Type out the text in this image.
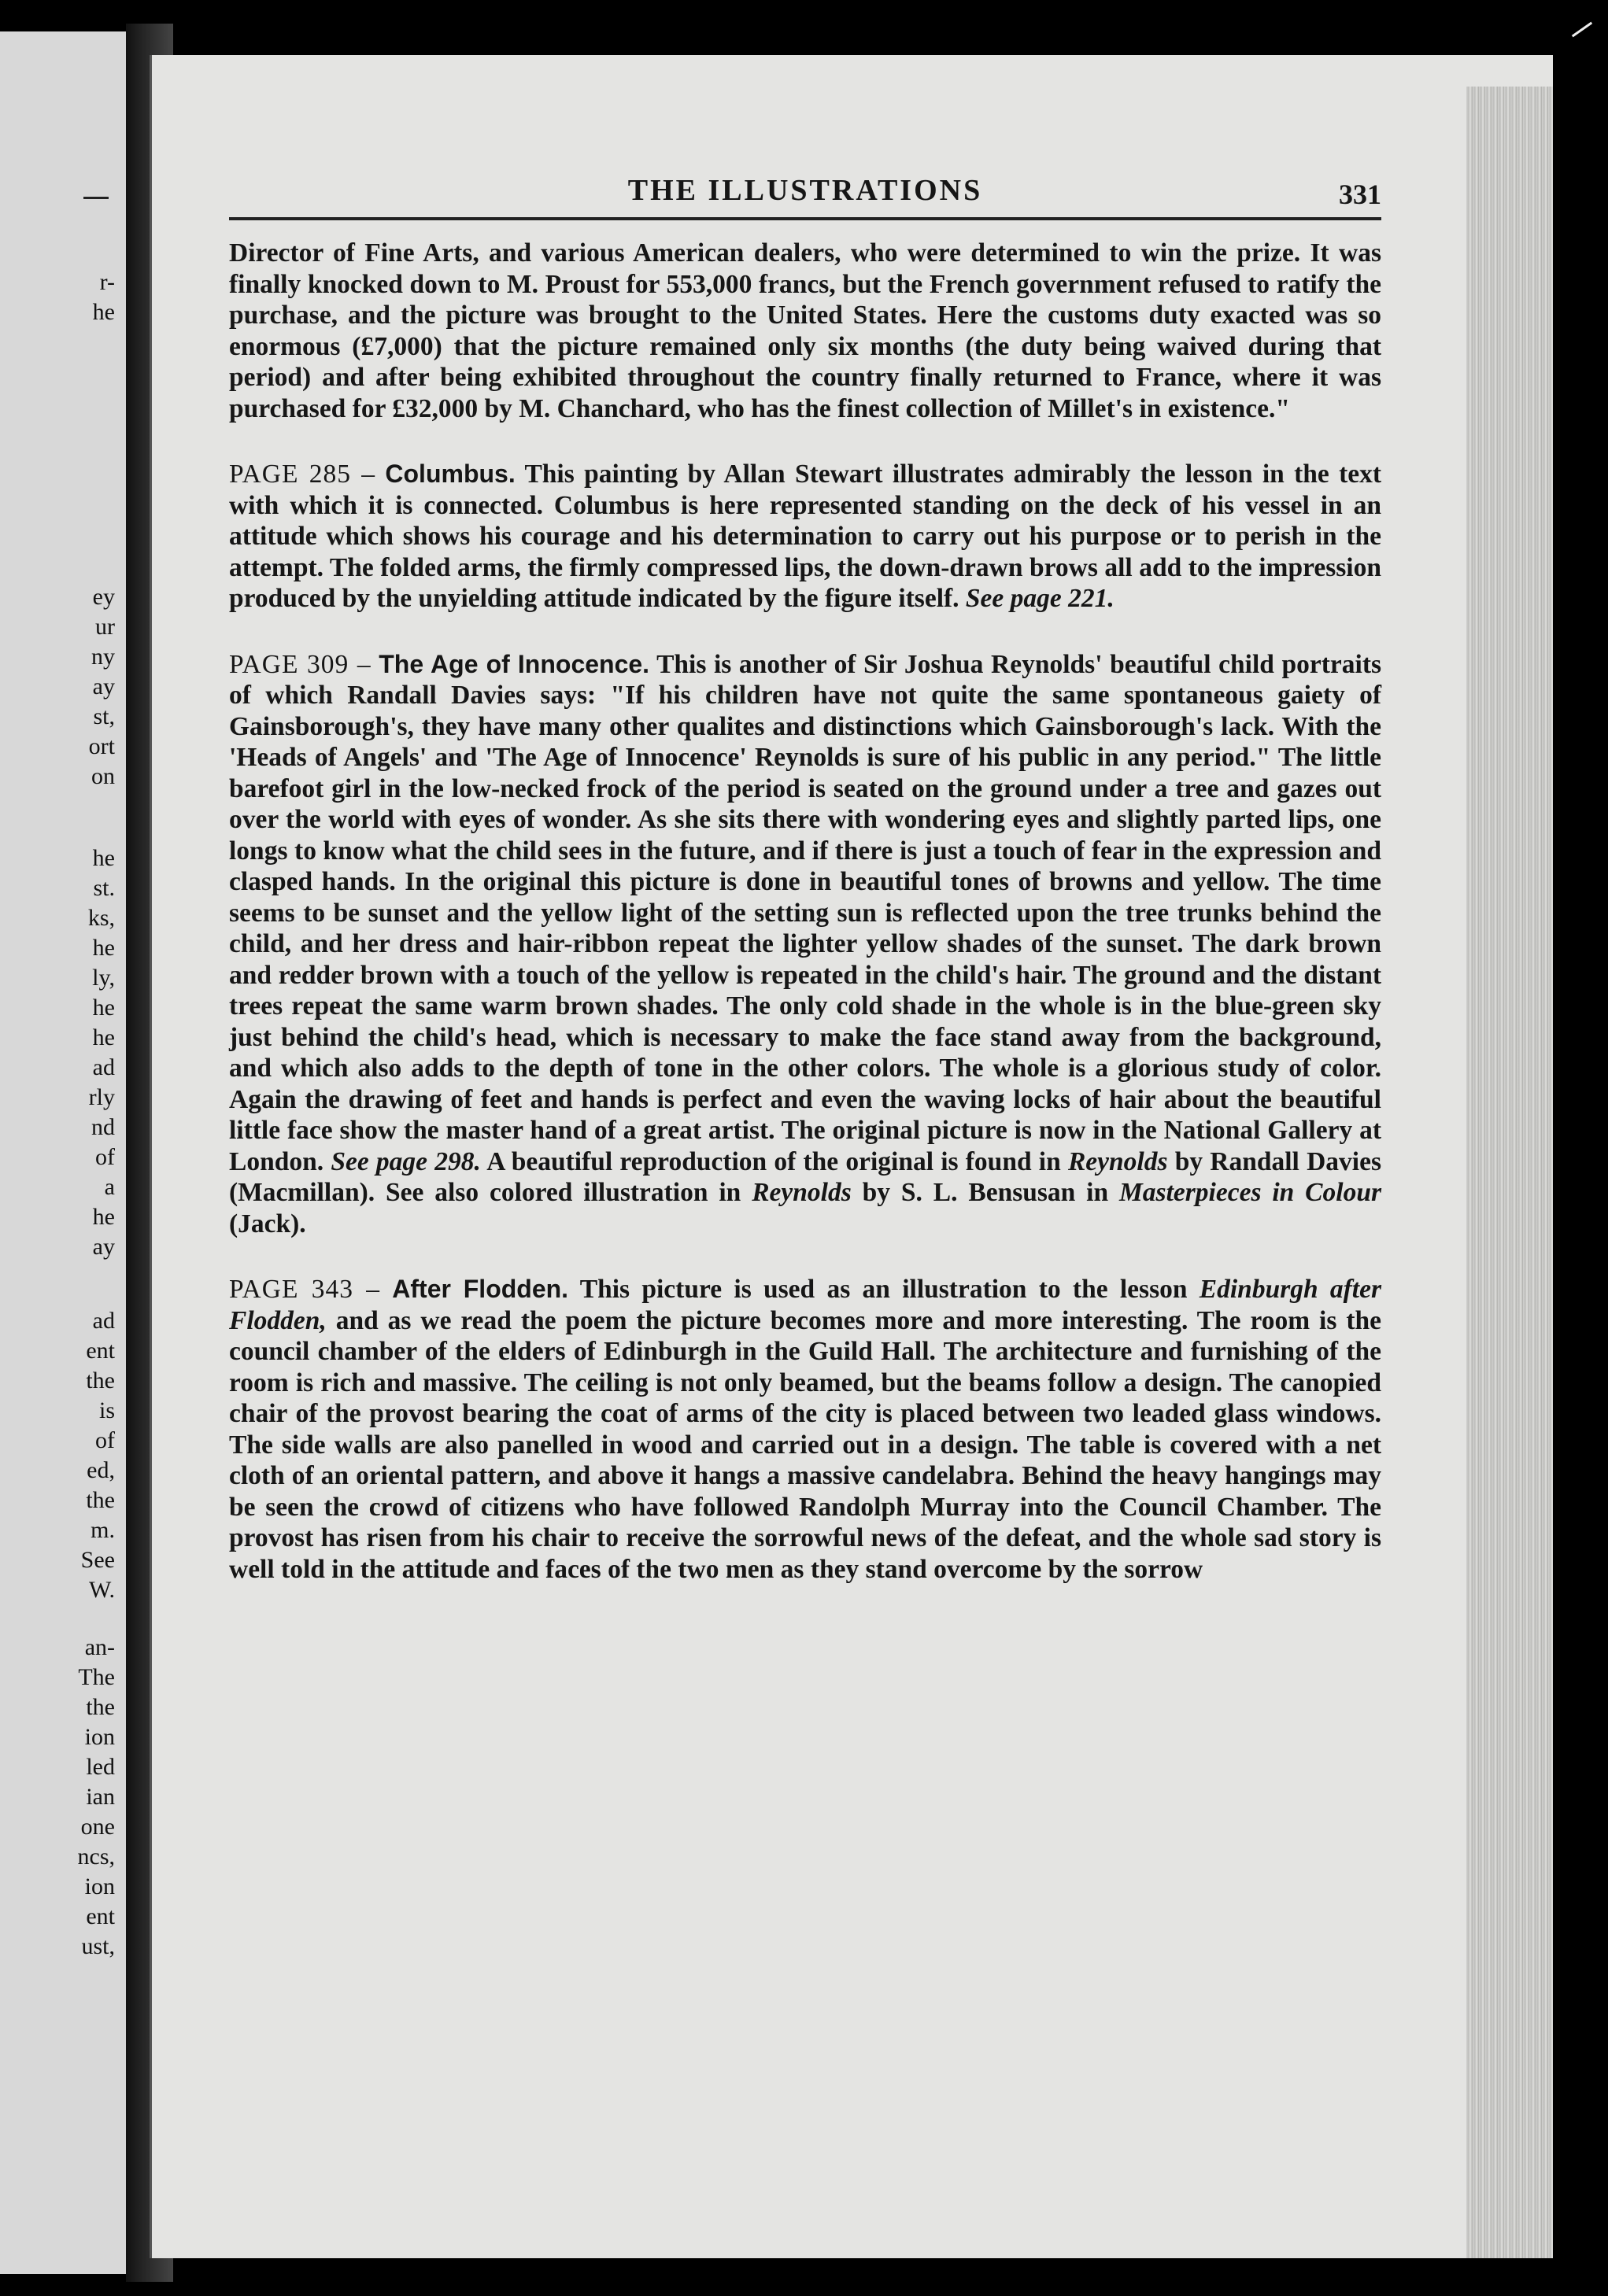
r-
he
ey
ur
ny
ay
st,
ort
on
he
st.
ks,
he
ly,
he
he
ad
rly
nd
of
a
he
ay
ad
ent
the
is
of
ed,
the
m.
See
W.
an-
The
the
ion
led
ian
one
ncs,
ion
ent
ust,
THE ILLUSTRATIONS	331

Director of Fine Arts, and various American dealers, who were determined to win the prize. It was finally knocked down to M. Proust for 553,000 francs, but the French government refused to ratify the purchase, and the picture was brought to the United States. Here the customs duty exacted was so enormous (£7,000) that the picture remained only six months (the duty being waived during that period) and after being exhibited throughout the country finally returned to France, where it was purchased for £32,000 by M. Chanchard, who has the finest collection of Millet's in existence."

PAGE 285 – Columbus. This painting by Allan Stewart illustrates admirably the lesson in the text with which it is connected. Columbus is here represented standing on the deck of his vessel in an attitude which shows his courage and his determination to carry out his purpose or to perish in the attempt. The folded arms, the firmly compressed lips, the down-drawn brows all add to the impression produced by the unyielding attitude indicated by the figure itself. See page 221.

PAGE 309 – The Age of Innocence. This is another of Sir Joshua Reynolds' beautiful child portraits of which Randall Davies says: "If his children have not quite the same spontaneous gaiety of Gainsborough's, they have many other qualites and distinctions which Gainsborough's lack. With the 'Heads of Angels' and 'The Age of Innocence' Reynolds is sure of his public in any period." The little barefoot girl in the low-necked frock of the period is seated on the ground under a tree and gazes out over the world with eyes of wonder. As she sits there with wondering eyes and slightly parted lips, one longs to know what the child sees in the future, and if there is just a touch of fear in the expression and clasped hands. In the original this picture is done in beautiful tones of browns and yellow. The time seems to be sunset and the yellow light of the setting sun is reflected upon the tree trunks behind the child, and her dress and hair-ribbon repeat the lighter yellow shades of the sunset. The dark brown and redder brown with a touch of the yellow is repeated in the child's hair. The ground and the distant trees repeat the same warm brown shades. The only cold shade in the whole is in the blue-green sky just behind the child's head, which is necessary to make the face stand away from the background, and which also adds to the depth of tone in the other colors. The whole is a glorious study of color. Again the drawing of feet and hands is perfect and even the waving locks of hair about the beautiful little face show the master hand of a great artist. The original picture is now in the National Gallery at London. See page 298. A beautiful reproduction of the original is found in Reynolds by Randall Davies (Macmillan). See also colored illustration in Reynolds by S. L. Bensusan in Masterpieces in Colour (Jack).

PAGE 343 – After Flodden. This picture is used as an illustration to the lesson Edinburgh after Flodden, and as we read the poem the picture becomes more and more interesting. The room is the council chamber of the elders of Edinburgh in the Guild Hall. The architecture and furnishing of the room is rich and massive. The ceiling is not only beamed, but the beams follow a design. The canopied chair of the provost bearing the coat of arms of the city is placed between two leaded glass windows. The side walls are also panelled in wood and carried out in a design. The table is covered with a net cloth of an oriental pattern, and above it hangs a massive candelabra. Behind the heavy hangings may be seen the crowd of citizens who have followed Randolph Murray into the Council Chamber. The provost has risen from his chair to receive the sorrowful news of the defeat, and the whole sad story is well told in the attitude and faces of the two men as they stand overcome by the sorrow
